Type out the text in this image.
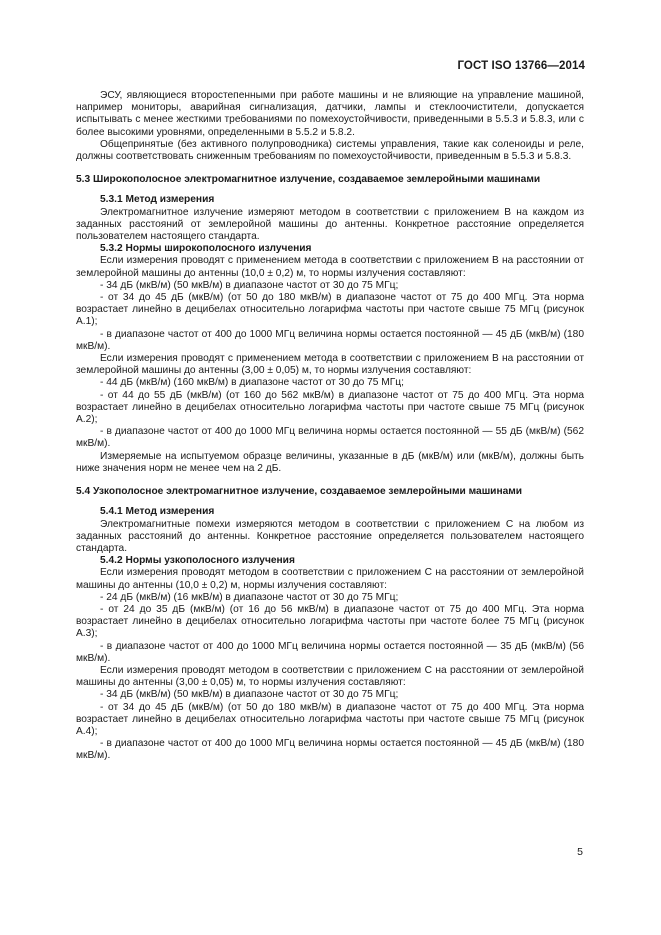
ГОСТ ISO 13766—2014

ЭСУ, являющиеся второстепенными при работе машины и не влияющие на управление машиной, например мониторы, аварийная сигнализация, датчики, лампы и стеклоочистители, допускается испытывать с менее жесткими требованиями по помехоустойчивости, приведенными в 5.5.3 и 5.8.3, или с более высокими уровнями, определенными в 5.5.2 и 5.8.2.

Общепринятые (без активного полупроводника) системы управления, такие как соленоиды и реле, должны соответствовать сниженным требованиям по помехоустойчивости, приведенным в 5.5.3 и 5.8.3.

5.3 Широкополосное электромагнитное излучение, создаваемое землеройными машинами

5.3.1 Метод измерения

Электромагнитное излучение измеряют методом в соответствии с приложением В на каждом из заданных расстояний от землеройной машины до антенны. Конкретное расстояние определяется пользователем настоящего стандарта.

5.3.2 Нормы широкополосного излучения

Если измерения проводят с применением метода в соответствии с приложением В на расстоянии от землеройной машины до антенны (10,0 ± 0,2) м, то нормы излучения составляют:

- 34 дБ (мкВ/м) (50 мкВ/м) в диапазоне частот от 30 до 75 МГц;

- от 34 до 45 дБ (мкВ/м) (от 50 до 180 мкВ/м) в диапазоне частот от 75 до 400 МГц. Эта норма возрастает линейно в децибелах относительно логарифма частоты при частоте свыше 75 МГц (рисунок А.1);

- в диапазоне частот от 400 до 1000 МГц величина нормы остается постоянной — 45 дБ (мкВ/м) (180 мкВ/м).

Если измерения проводят с применением метода в соответствии с приложением В на расстоянии от землеройной машины до антенны (3,00 ± 0,05) м, то нормы излучения составляют:

- 44 дБ (мкВ/м) (160 мкВ/м) в диапазоне частот от 30 до 75 МГц;

- от 44 до 55 дБ (мкВ/м) (от 160 до 562 мкВ/м) в диапазоне частот от 75 до 400 МГц. Эта норма возрастает линейно в децибелах относительно логарифма частоты при частоте свыше 75 МГц (рисунок А.2);

- в диапазоне частот от 400 до 1000 МГц величина нормы остается постоянной — 55 дБ (мкВ/м) (562 мкВ/м).

Измеряемые на испытуемом образце величины, указанные в дБ (мкВ/м) или (мкВ/м), должны быть ниже значения норм не менее чем на 2 дБ.

5.4 Узкополосное электромагнитное излучение, создаваемое землеройными машинами

5.4.1 Метод измерения

Электромагнитные помехи измеряются методом в соответствии с приложением С на любом из заданных расстояний до антенны. Конкретное расстояние определяется пользователем настоящего стандарта.

5.4.2 Нормы узкополосного излучения

Если измерения проводят методом в соответствии с приложением С на расстоянии от землеройной машины до антенны (10,0 ± 0,2) м, нормы излучения составляют:

- 24 дБ (мкВ/м) (16 мкВ/м) в диапазоне частот от 30 до 75 МГц;

- от 24 до 35 дБ (мкВ/м) (от 16 до 56 мкВ/м) в диапазоне частот от 75 до 400 МГц. Эта норма возрастает линейно в децибелах относительно логарифма частоты при частоте более 75 МГц (рисунок А.3);

- в диапазоне частот от 400 до 1000 МГц величина нормы остается постоянной — 35 дБ (мкВ/м) (56 мкВ/м).

Если измерения проводят методом в соответствии с приложением С на расстоянии от землеройной машины до антенны (3,00 ± 0,05) м, то нормы излучения составляют:

- 34 дБ (мкВ/м) (50 мкВ/м) в диапазоне частот от 30 до 75 МГц;

- от 34 до 45 дБ (мкВ/м) (от 50 до 180 мкВ/м) в диапазоне частот от 75 до 400 МГц. Эта норма возрастает линейно в децибелах относительно логарифма частоты при частоте свыше 75 МГц (рисунок А.4);

- в диапазоне частот от 400 до 1000 МГц величина нормы остается постоянной — 45 дБ (мкВ/м) (180 мкВ/м).

5
